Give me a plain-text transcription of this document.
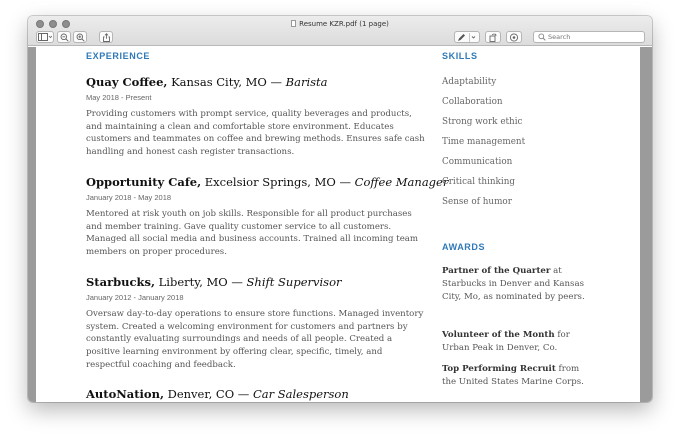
Resume KZR.pdf (1 page)
Search
EXPERIENCE
Quay Coffee, Kansas City, MO — Barista
May 2018 - Present
Providing customers with prompt service, quality beverages and products, and maintaining a clean and comfortable store environment. Educates customers and teammates on coffee and brewing methods. Ensures safe cash handling and honest cash register transactions.
Opportunity Cafe, Excelsior Springs, MO — Coffee Manager
January 2018 - May 2018
Mentored at risk youth on job skills. Responsible for all product purchases and member training. Gave quality customer service to all customers. Managed all social media and business accounts. Trained all incoming team members on proper procedures.
Starbucks, Liberty, MO — Shift Supervisor
January 2012 - January 2018
Oversaw day-to-day operations to ensure store functions. Managed inventory system. Created a welcoming environment for customers and partners by constantly evaluating surroundings and needs of all people. Created a positive learning environment by offering clear, specific, timely, and respectful coaching and feedback.
AutoNation, Denver, CO — Car Salesperson
SKILLS
Adaptability
Collaboration
Strong work ethic
Time management
Communication
Critical thinking
Sense of humor
AWARDS
Partner of the Quarter at Starbucks in Denver and Kansas City, Mo, as nominated by peers.
Volunteer of the Month for Urban Peak in Denver, Co.
Top Performing Recruit from the United States Marine Corps.
